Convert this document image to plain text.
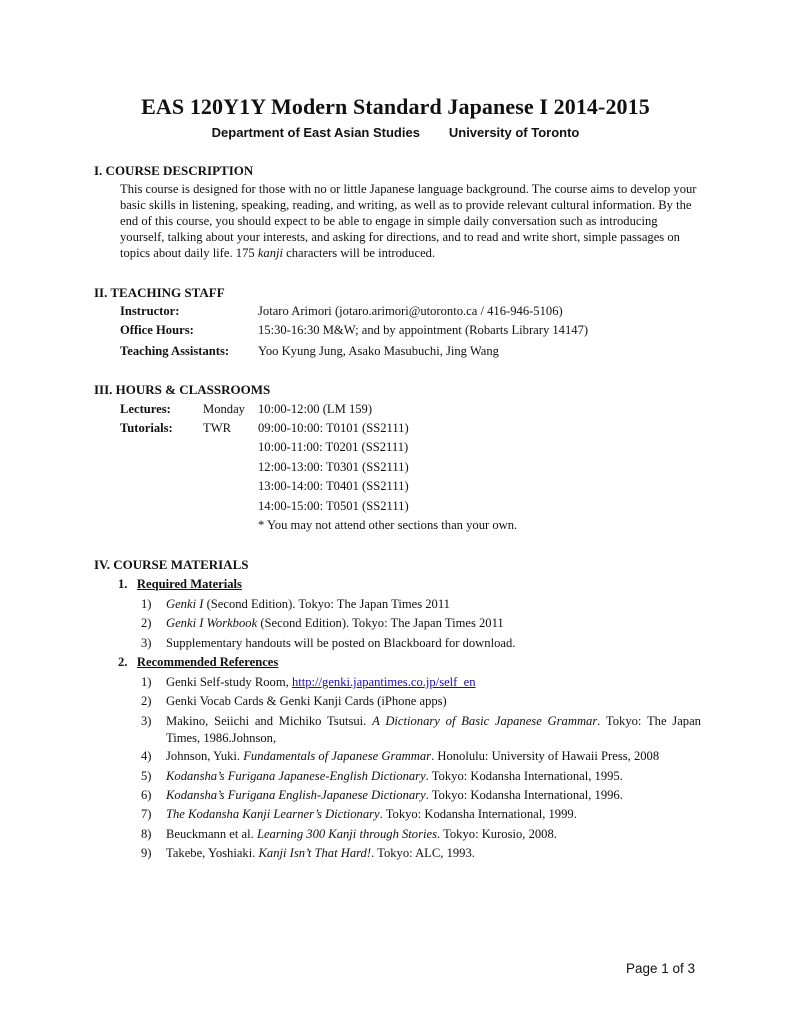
EAS 120Y1Y Modern Standard Japanese I 2014-2015
Department of East Asian Studies University of Toronto
I. COURSE DESCRIPTION
This course is designed for those with no or little Japanese language background. The course aims to develop your basic skills in listening, speaking, reading, and writing, as well as to provide relevant cultural information. By the end of this course, you should expect to be able to engage in simple daily conversation such as introducing yourself, talking about your interests, and asking for directions, and to read and write short, simple passages on topics about daily life. 175 kanji characters will be introduced.
II. TEACHING STAFF
Instructor:	Jotaro Arimori (jotaro.arimori@utoronto.ca / 416-946-5106)
Office Hours:	15:30-16:30 M&W; and by appointment (Robarts Library 14147)
Teaching Assistants: Yoo Kyung Jung, Asako Masubuchi, Jing Wang
III. HOURS & CLASSROOMS
Lectures:	Monday 10:00-12:00 (LM 159)
Tutorials: TWR 09:00-10:00: T0101 (SS2111)
10:00-11:00: T0201 (SS2111)
12:00-13:00: T0301 (SS2111)
13:00-14:00: T0401 (SS2111)
14:00-15:00: T0501 (SS2111)
* You may not attend other sections than your own.
IV. COURSE MATERIALS
1. Required Materials
1) Genki I (Second Edition). Tokyo: The Japan Times 2011
2) Genki I Workbook (Second Edition). Tokyo: The Japan Times 2011
3) Supplementary handouts will be posted on Blackboard for download.
2. Recommended References
1) Genki Self-study Room, http://genki.japantimes.co.jp/self_en
2) Genki Vocab Cards & Genki Kanji Cards (iPhone apps)
3) Makino, Seiichi and Michiko Tsutsui. A Dictionary of Basic Japanese Grammar. Tokyo: The Japan Times, 1986.Johnson,
4) Johnson, Yuki. Fundamentals of Japanese Grammar. Honolulu: University of Hawaii Press, 2008
5) Kodansha’s Furigana Japanese-English Dictionary. Tokyo: Kodansha International, 1995.
6) Kodansha’s Furigana English-Japanese Dictionary. Tokyo: Kodansha International, 1996.
7) The Kodansha Kanji Learner’s Dictionary. Tokyo: Kodansha International, 1999.
8) Beuckmann et al. Learning 300 Kanji through Stories. Tokyo: Kurosio, 2008.
9) Takebe, Yoshiaki. Kanji Isn’t That Hard!. Tokyo: ALC, 1993.
Page 1 of 3
